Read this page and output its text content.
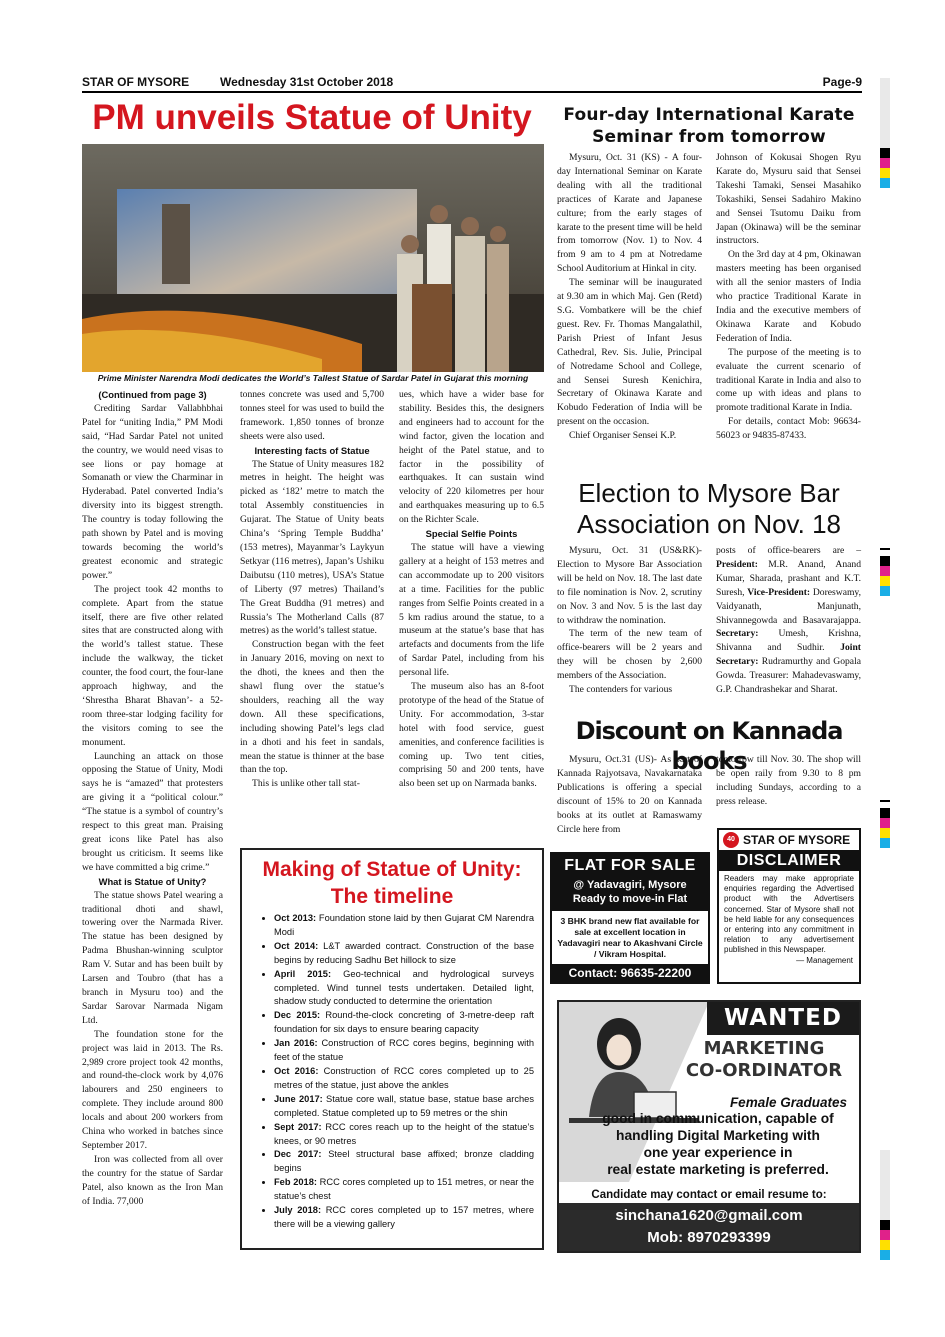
STAR OF MYSORE	Wednesday 31st October 2018	Page-9
PM unveils Statue of Unity
Prime Minister Narendra Modi dedicates the World’s Tallest Statue of Sardar Patel in Gujarat this morning

(Continued from page 3)

Crediting Sardar Vallabhbhai Patel for “uniting India,” PM Modi said, “Had Sardar Patel not united the country, we would need visas to see lions or pay homage at Somanath or view the Charminar in Hyderabad. Patel converted India’s diversity into its biggest strength. The country is today following the path shown by Patel and is moving towards becoming the world’s greatest economic and strategic power.”

The project took 42 months to complete. Apart from the statue itself, there are five other related sites that are constructed along with the world’s tallest statue. These include the walkway, the ticket counter, the food court, the four-lane approach highway, and the ‘Shrestha Bharat Bhavan’- a 52-room three-star lodging facility for the visitors coming to see the monument.

Launching an attack on those opposing the Statue of Unity, Modi says he is “amazed” that protesters are giving it a “political colour.” “The statue is a symbol of country’s respect to this great man. Praising great icons like Patel has also brought us criticism. It seems like we have committed a big crime.”

What is Statue of Unity?

The statue shows Patel wearing a traditional dhoti and shawl, towering over the Narmada River. The statue has been designed by Padma Bhushan-winning sculptor Ram V. Sutar and has been built by Larsen and Toubro (that has a branch in Mysuru too) and the Sardar Sarovar Narmada Nigam Ltd.

The foundation stone for the project was laid in 2013. The Rs. 2,989 crore project took 42 months, and round-the-clock work by 4,076 labourers and 250 engineers to complete. They include around 800 locals and about 200 workers from China who worked in batches since September 2017.

Iron was collected from all over the country for the statue of Sardar Patel, also known as the Iron Man of India. 77,000

tonnes concrete was used and 5,700 tonnes steel for was used to build the framework. 1,850 tonnes of bronze sheets were also used.

Interesting facts of Statue

The Statue of Unity measures 182 metres in height. The height was picked as ‘182’ metre to match the total Assembly constituencies in Gujarat. The Statue of Unity beats China’s ‘Spring Temple Buddha’ (153 metres), Mayanmar’s Laykyun Setkyar (116 metres), Japan’s Ushiku Daibutsu (110 metres), USA’s Statue of Liberty (97 metres) Thailand’s The Great Buddha (91 metres) and Russia’s The Motherland Calls (87 metres) as the world’s tallest statue.

Construction began with the feet in January 2016, moving on next to the dhoti, the knees and then the shawl flung over the statue’s shoulders, reaching all the way down. All these specifications, including showing Patel’s legs clad in a dhoti and his feet in sandals, mean the statue is thinner at the base than the top.

This is unlike other tall stat-

ues, which have a wider base for stability. Besides this, the designers and engineers had to account for the wind factor, given the location and height of the Patel statue, and to factor in the possibility of earthquakes. It can sustain wind velocity of 220 kilometres per hour and earthquakes measuring up to 6.5 on the Richter Scale.

Special Selfie Points

The statue will have a viewing gallery at a height of 153 metres and can accommodate up to 200 visitors at a time. Facilities for the public ranges from Selfie Points created in a 5 km radius around the statue, to a museum at the statue’s base that has artefacts and documents from the life of Sardar Patel, including from his personal life.

The museum also has an 8-foot prototype of the head of the Statue of Unity. For accommodation, 3-star hotel with food service, guest amenities, and conference facilities is coming up. Two tent cities, comprising 50 and 200 tents, have also been set up on Narmada banks.

Making of Statue of Unity:
The timeline
• Oct 2013: Foundation stone laid by then Gujarat CM Narendra Modi
• Oct 2014: L&T awarded contract. Construction of the base begins by reducing Sadhu Bet hillock to size
• April 2015: Geo-technical and hydrological surveys completed. Wind tunnel tests undertaken. Detailed light, shadow study conducted to determine the orientation
• Dec 2015: Round-the-clock concreting of 3-metre-deep raft foundation for six days to ensure bearing capacity
• Jan 2016: Construction of RCC cores begins, beginning with feet of the statue
• Oct 2016: Construction of RCC cores completed up to 25 metres of the statue, just above the ankles
• June 2017: Statue core wall, statue base, statue base arches completed. Statue completed up to 59 metres or the shin
• Sept 2017: RCC cores reach up to the height of the statue’s knees, or 90 metres
• Dec 2017: Steel structural base affixed; bronze cladding begins
• Feb 2018: RCC cores completed up to 151 metres, or near the statue’s chest
• July 2018: RCC cores completed up to 157 metres, where there will be a viewing gallery
Four-day International Karate
Seminar from tomorrow

Mysuru, Oct. 31 (KS) - A four-day International Seminar on Karate dealing with all the traditional practices of Karate and Japanese culture; from the early stages of karate to the present time will be held from tomorrow (Nov. 1) to Nov. 4 from 9 am to 4 pm at Notredame School Auditorium at Hinkal in city.

The seminar will be inaugurated at 9.30 am in which Maj. Gen (Retd) S.G. Vombatkere will be the chief guest. Rev. Fr. Thomas Mangalathil, Parish Priest of Infant Jesus Cathedral, Rev. Sis. Julie, Principal of Notredame School and College, and Sensei Suresh Kenichira, Secretary of Okinawa Karate and Kobudo Federation of India will be present on the occasion.

Chief Organiser Sensei K.P.

Johnson of Kokusai Shogen Ryu Karate do, Mysuru said that Sensei Takeshi Tamaki, Sensei Masahiko Tokashiki, Sensei Sadahiro Makino and Sensei Tsutomu Daiku from Japan (Okinawa) will be the seminar instructors.

On the 3rd day at 4 pm, Okinawan masters meeting has been organised with all the senior masters of India who practice Traditional Karate in India and the executive members of Okinawa Karate and Kobudo Federation of India.

The purpose of the meeting is to evaluate the current scenario of traditional Karate in India and also to come up with ideas and plans to promote traditional Karate in India.

For details, contact Mob: 96634-56023 or 94835-87433.

Election to Mysore Bar
Association on Nov. 18

Mysuru, Oct. 31 (US&RK)- Election to Mysore Bar Association will be held on Nov. 18. The last date to file nomination is Nov. 2, scrutiny on Nov. 3 and Nov. 5 is the last day to withdraw the nomination.

The term of the new team of office-bearers will be 2 years and they will be chosen by 2,600 members of the Association.

The contenders for various

posts of office-bearers are – President: M.R. Anand, Anand Kumar, Sharada, prashant and K.T. Suresh, Vice-President: Doreswamy, Vaidyanath, Manjunath, Shivannegowda and Basavarajappa. Secretary: Umesh, Krishna, Shivanna and Sudhir. Joint Secretary: Rudramurthy and Gopala Gowda. Treasurer: Mahadevaswamy, G.P. Chandrashekar and Sharat.

Discount on Kannada books

Mysuru, Oct.31 (US)- As part of Kannada Rajyotsava, Navakarnataka Publications is offering a special discount of 15% to 20 on Kannada books at its outlet at Ramaswamy Circle here from

tomorrow till Nov. 30. The shop will be open raily from 9.30 to 8 pm including Sundays, according to a press release.

FLAT FOR SALE
@ Yadavagiri, Mysore
Ready to move-in Flat
3 BHK brand new flat available for sale at excellent location in Yadavagiri near to Akashvani Circle / Vikram Hospital.
Contact: 96635-22200
40 STAR OF MYSORE
DISCLAIMER
Readers may make appropriate enquiries regarding the Advertised product with the Advertisers concerned. Star of Mysore shall not be held liable for any consequences or entering into any commitment in relation to any advertisement published in this Newspaper.
— Management
WANTED
MARKETING
CO-ORDINATOR
Female Graduates
good in communication, capable of
handling Digital Marketing with
one year experience in
real estate marketing is preferred.
Candidate may contact or email resume to:
sinchana1620@gmail.com
Mob: 8970293399
